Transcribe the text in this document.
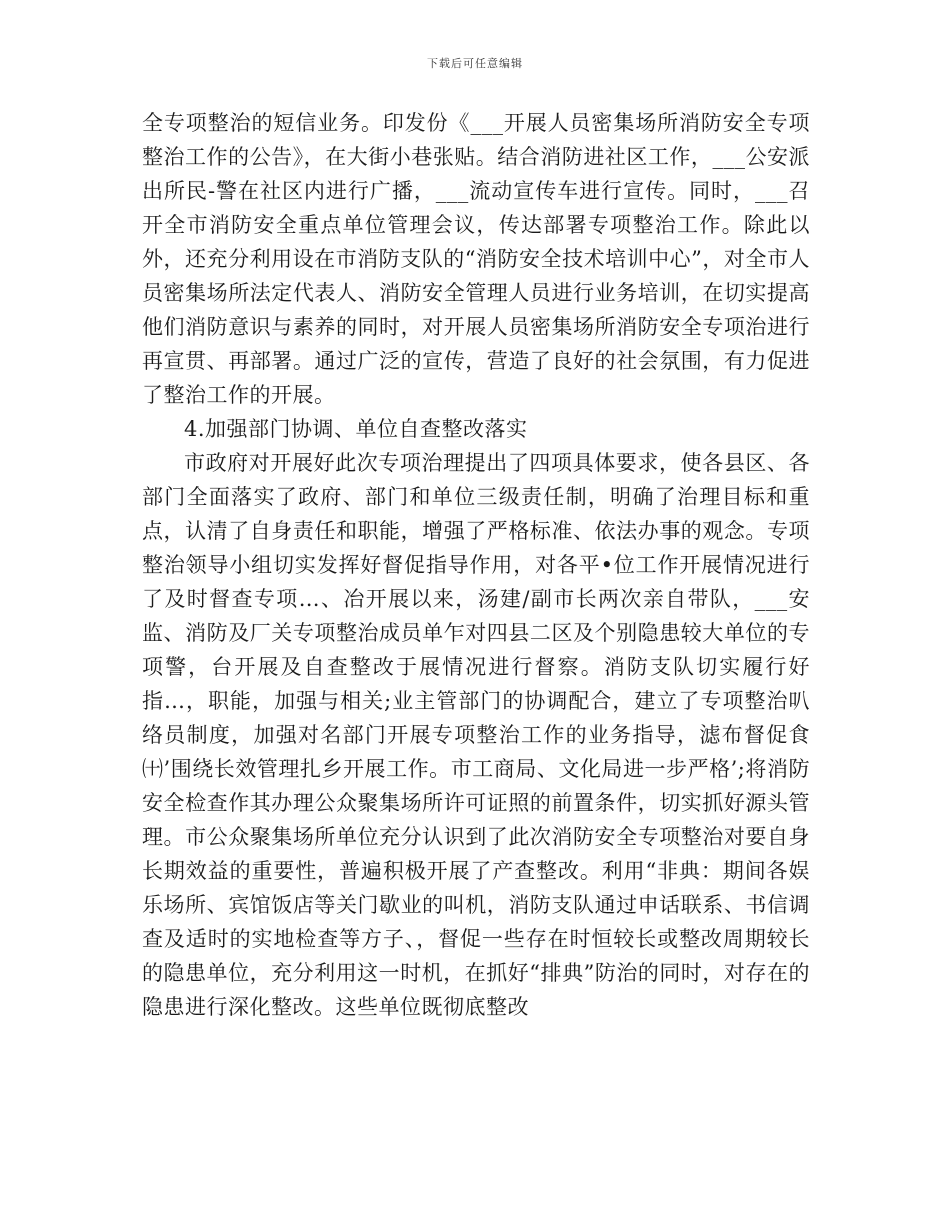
下载后可任意编辑

全专项整治的短信业务。印发份《___开展人员密集场所消防安全专项整治工作的公告》，在大街小巷张贴。结合消防进社区工作，___公安派出所民-警在社区内进行广播，___流动宣传车进行宣传。同时，___召开全市消防安全重点单位管理会议，传达部署专项整治工作。除此以外，还充分利用设在市消防支队的“消防安全技术培训中心”，对全市人员密集场所法定代表人、消防安全管理人员进行业务培训，在切实提高他们消防意识与素养的同时，对开展人员密集场所消防安全专项治进行再宣贯、再部署。通过广泛的宣传，营造了良好的社会氛围，有力促进了整治工作的开展。

4.加强部门协调、单位自查整改落实

市政府对开展好此次专项治理提出了四项具体要求，使各县区、各部门全面落实了政府、部门和单位三级责任制，明确了治理目标和重点，认清了自身责任和职能，增强了严格标准、依法办事的观念。专项整治领导小组切实发挥好督促指导作用，对各平•位工作开展情况进行了及时督查专项…、冶开展以来，汤建/副市长两次亲自带队，___安监、消防及厂关专项整治成员单乍对四县二区及个别隐患较大单位的专项警，台开展及自查整改于展情况进行督察。消防支队切实履行好指…，职能，加强与相关;业主管部门的协调配合，建立了专项整治叭络员制度，加强对名部门开展专项整治工作的业务指导，滤布督促食㈩’围绕长效管理扎乡开展工作。市工商局、文化局进一步严格’;将消防安全检查作其办理公众聚集场所许可证照的前置条件，切实抓好源头管理。市公众聚集场所单位充分认识到了此次消防安全专项整治对要自身长期效益的重要性，普遍积极开展了产查整改。利用“非典：期间各娱乐场所、宾馆饭店等关门歇业的叫机，消防支队通过申话联系、书信调查及适时的实地检查等方子、，督促一些存在时恒较长或整改周期较长的隐患单位，充分利用这一时机，在抓好“排典”防治的同时，对存在的隐患进行深化整改。这些单位既彻底整改
